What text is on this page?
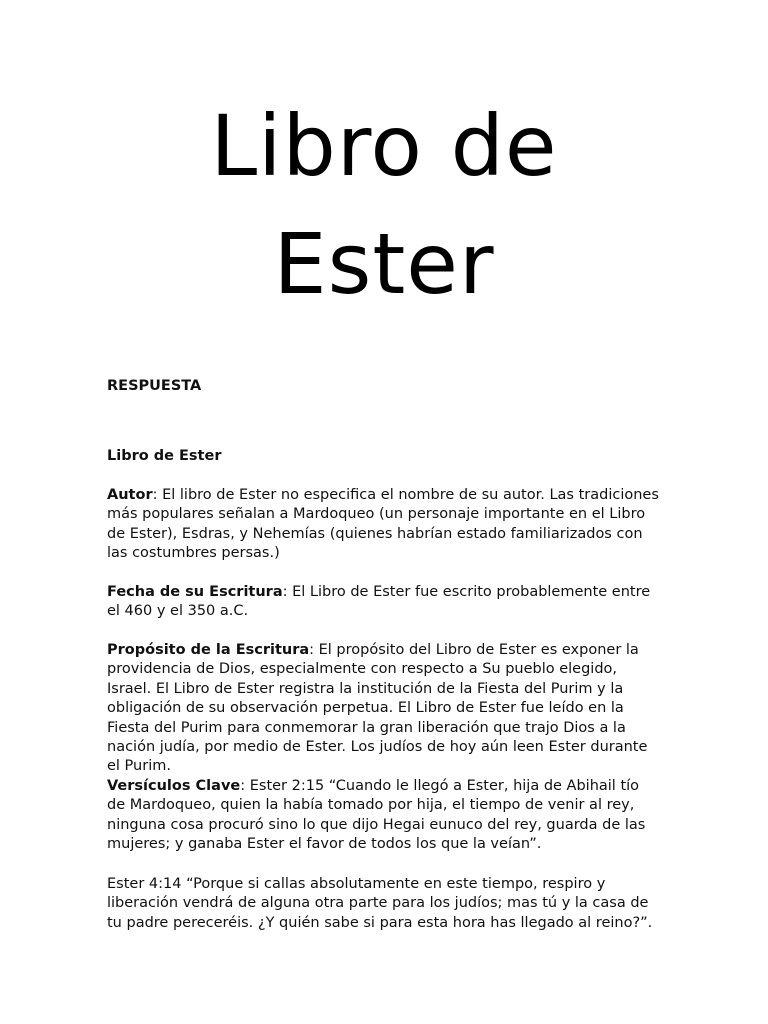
Libro de
Ester

RESPUESTA

Libro de Ester

Autor: El libro de Ester no especifica el nombre de su autor. Las tradiciones más populares señalan a Mardoqueo (un personaje importante en el Libro de Ester), Esdras, y Nehemías (quienes habrían estado familiarizados con las costumbres persas.)

Fecha de su Escritura: El Libro de Ester fue escrito probablemente entre el 460 y el 350 a.C.

Propósito de la Escritura: El propósito del Libro de Ester es exponer la providencia de Dios, especialmente con respecto a Su pueblo elegido, Israel. El Libro de Ester registra la institución de la Fiesta del Purim y la obligación de su observación perpetua. El Libro de Ester fue leído en la Fiesta del Purim para conmemorar la gran liberación que trajo Dios a la nación judía, por medio de Ester. Los judíos de hoy aún leen Ester durante el Purim.

Versículos Clave: Ester 2:15 “Cuando le llegó a Ester, hija de Abihail tío de Mardoqueo, quien la había tomado por hija, el tiempo de venir al rey, ninguna cosa procuró sino lo que dijo Hegai eunuco del rey, guarda de las mujeres; y ganaba Ester el favor de todos los que la veían”.

Ester 4:14 “Porque si callas absolutamente en este tiempo, respiro y liberación vendrá de alguna otra parte para los judíos; mas tú y la casa de tu padre pereceréis. ¿Y quién sabe si para esta hora has llegado al reino?”.
